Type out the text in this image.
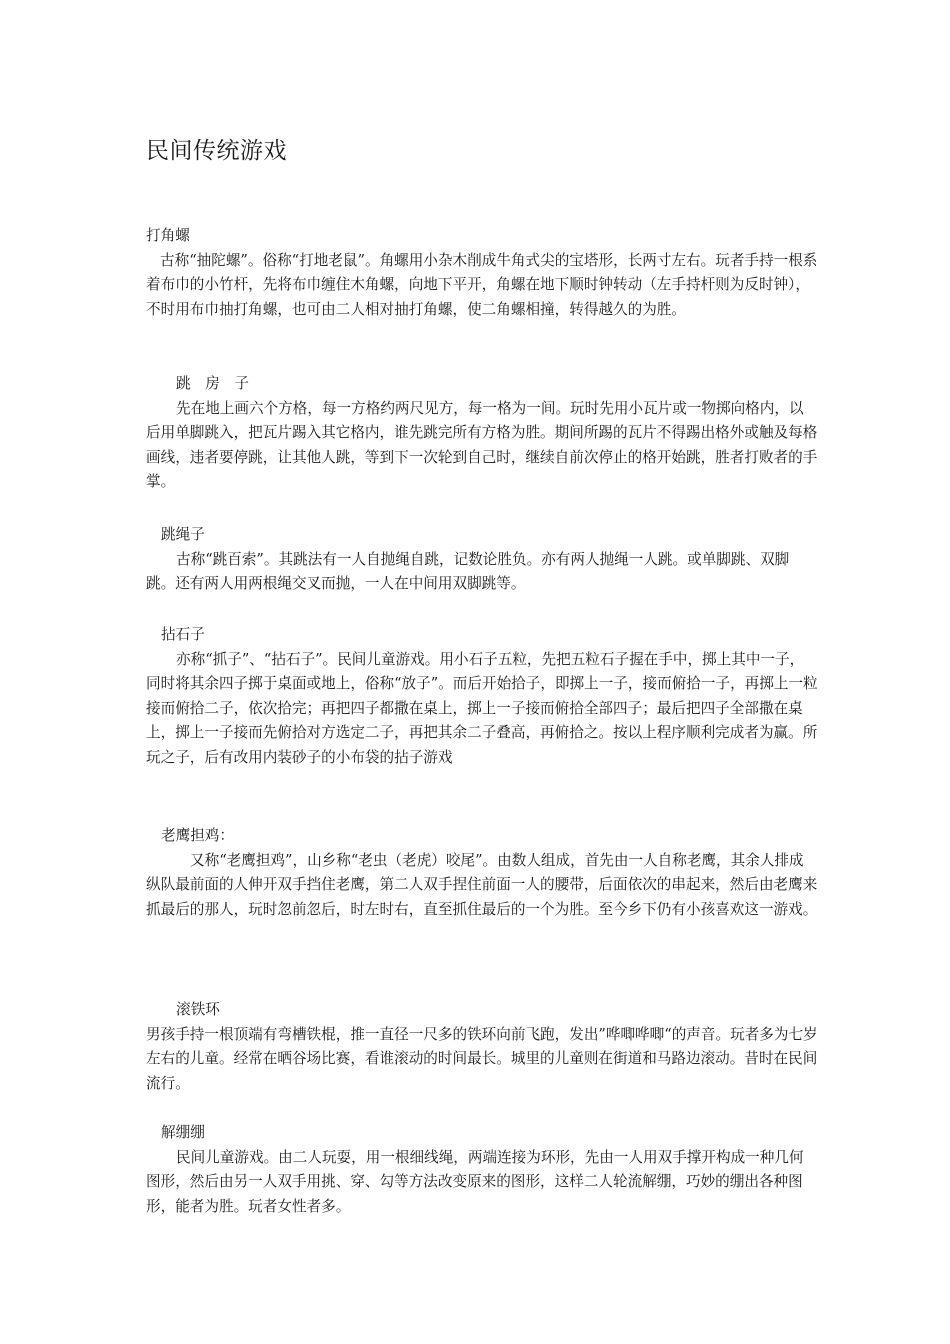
民间传统游戏
打角螺

古称“抽陀螺”。俗称“打地老鼠”。角螺用小杂木削成牛角式尖的宝塔形，长两寸左右。玩者手持一根系着布巾的小竹杆，先将布巾缠住木角螺，向地下平开，角螺在地下顺时钟转动（左手持杆则为反时钟），不时用布巾抽打角螺，也可由二人相对抽打角螺，使二角螺相撞，转得越久的为胜。

跳　房　子

先在地上画六个方格，每一方格约两尺见方，每一格为一间。玩时先用小瓦片或一物掷向格内，以后用单脚跳入，把瓦片踢入其它格内，谁先跳完所有方格为胜。期间所踢的瓦片不得踢出格外或触及每格画线，违者要停跳，让其他人跳，等到下一次轮到自己时，继续自前次停止的格开始跳，胜者打败者的手掌。

跳绳子

古称“跳百索”。其跳法有一人自抛绳自跳，记数论胜负。亦有两人抛绳一人跳。或单脚跳、双脚跳。还有两人用两根绳交叉而抛，一人在中间用双脚跳等。

拈石子

亦称“抓子”、“拈石子”。民间儿童游戏。用小石子五粒，先把五粒石子握在手中，掷上其中一子，同时将其余四子掷于桌面或地上，俗称“放子”。而后开始拾子，即掷上一子，接而俯拾一子，再掷上一粒接而俯拾二子，依次拾完；再把四子都撒在桌上，掷上一子接而俯拾全部四子；最后把四子全部撒在桌上，掷上一子接而先俯拾对方选定二子，再把其余二子叠高，再俯拾之。按以上程序顺利完成者为赢。所玩之子，后有改用内装砂子的小布袋的拈子游戏

老鹰担鸡：

又称“老鹰担鸡”，山乡称“老虫（老虎）咬尾”。由数人组成，首先由一人自称老鹰，其余人排成纵队最前面的人伸开双手挡住老鹰，第二人双手捏住前面一人的腰带，后面依次的串起来，然后由老鹰来抓最后的那人，玩时忽前忽后，时左时右，直至抓住最后的一个为胜。至今乡下仍有小孩喜欢这一游戏。

滚铁环

男孩手持一根顶端有弯槽铁棍，推一直径一尺多的铁环向前飞跑，发出”哗唧哗唧“的声音。玩者多为七岁左右的儿童。经常在晒谷场比赛，看谁滚动的时间最长。城里的儿童则在街道和马路边滚动。昔时在民间流行。

解绷绷

民间儿童游戏。由二人玩耍，用一根细线绳，两端连接为环形，先由一人用双手撑开构成一种几何图形，然后由另一人双手用挑、穿、勾等方法改变原来的图形，这样二人轮流解绷，巧妙的绷出各种图形，能者为胜。玩者女性者多。
